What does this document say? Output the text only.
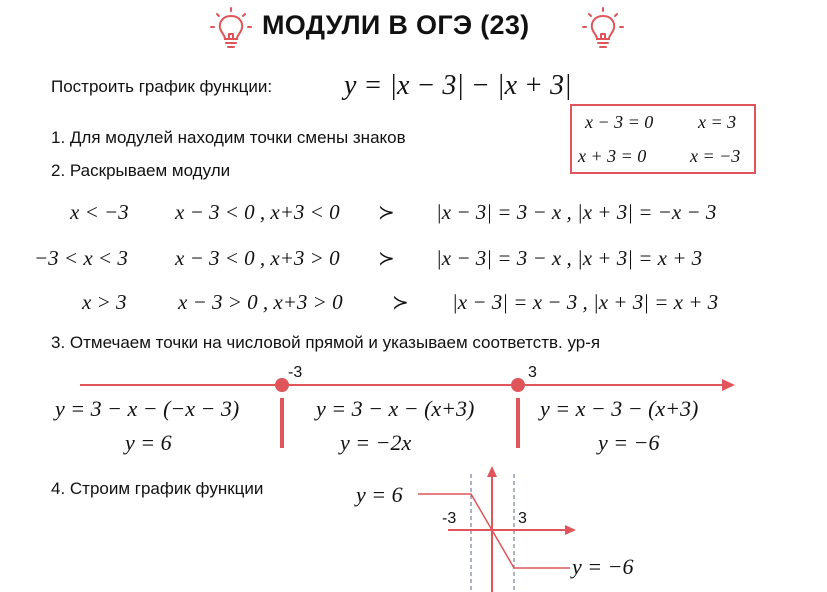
МОДУЛИ В ОГЭ (23)
Построить график функции:	y = |x − 3| − |x + 3|
1. Для модулей находим точки смены знаков
2. Раскрываем модули
x − 3 = 0 x = 3
x + 3 = 0 x = −3
x < −3 x − 3 < 0 , x+3 < 0 ≻ |x − 3| = 3 − x , |x + 3| = −x − 3
−3 < x < 3 x − 3 < 0 , x+3 > 0 ≻ |x − 3| = 3 − x , |x + 3| = x + 3
x > 3 x − 3 > 0 , x+3 > 0 ≻ |x − 3| = x − 3 , |x + 3| = x + 3
3. Отмечаем точки на числовой прямой и указываем соответств. ур-я
-3	3
y = 3 − x − (−x − 3)
y = 6
y = 3 − x − (x+3)
y = −2x
y = x − 3 − (x+3)
y = −6
4. Строим график функции
-3	3
y = 6
y = −6
